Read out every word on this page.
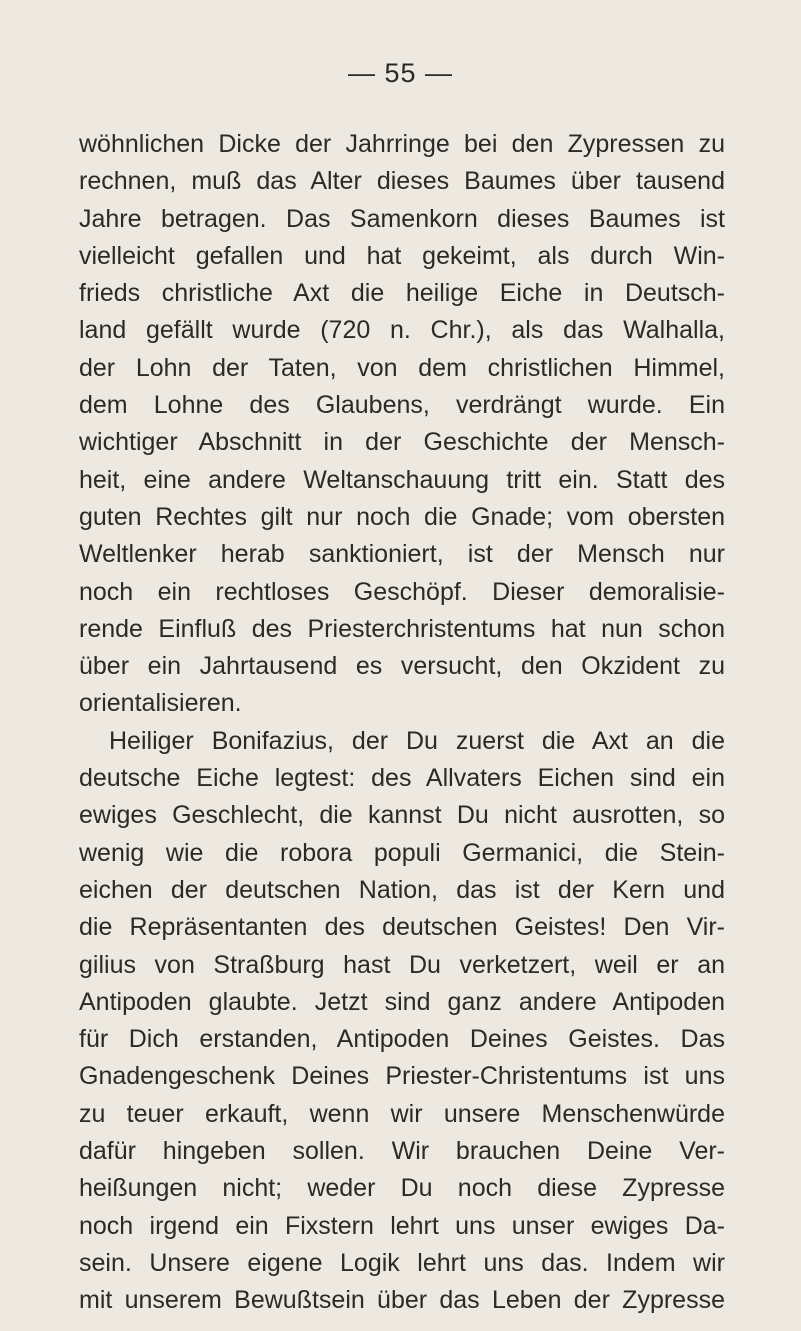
— 55 —
wöhnlichen Dicke der Jahrringe bei den Zypressen zu
rechnen, muß das Alter dieses Baumes über tausend
Jahre betragen. Das Samenkorn dieses Baumes ist
vielleicht gefallen und hat gekeimt, als durch Win-
frieds christliche Axt die heilige Eiche in Deutsch-
land gefällt wurde (720 n. Chr.), als das Walhalla,
der Lohn der Taten, von dem christlichen Himmel,
dem Lohne des Glaubens, verdrängt wurde. Ein
wichtiger Abschnitt in der Geschichte der Mensch-
heit, eine andere Weltanschauung tritt ein. Statt des
guten Rechtes gilt nur noch die Gnade; vom obersten
Weltlenker herab sanktioniert, ist der Mensch nur
noch ein rechtloses Geschöpf. Dieser demoralisie-
rende Einfluß des Priesterchristentums hat nun schon
über ein Jahrtausend es versucht, den Okzident zu
orientalisieren.
Heiliger Bonifazius, der Du zuerst die Axt an die
deutsche Eiche legtest: des Allvaters Eichen sind ein
ewiges Geschlecht, die kannst Du nicht ausrotten, so
wenig wie die robora populi Germanici, die Stein-
eichen der deutschen Nation, das ist der Kern und
die Repräsentanten des deutschen Geistes! Den Vir-
gilius von Straßburg hast Du verketzert, weil er an
Antipoden glaubte. Jetzt sind ganz andere Antipoden
für Dich erstanden, Antipoden Deines Geistes. Das
Gnadengeschenk Deines Priester-Christentums ist uns
zu teuer erkauft, wenn wir unsere Menschenwürde
dafür hingeben sollen. Wir brauchen Deine Ver-
heißungen nicht; weder Du noch diese Zypresse
noch irgend ein Fixstern lehrt uns unser ewiges Da-
sein. Unsere eigene Logik lehrt uns das. Indem wir
mit unserem Bewußtsein über das Leben der Zypresse
